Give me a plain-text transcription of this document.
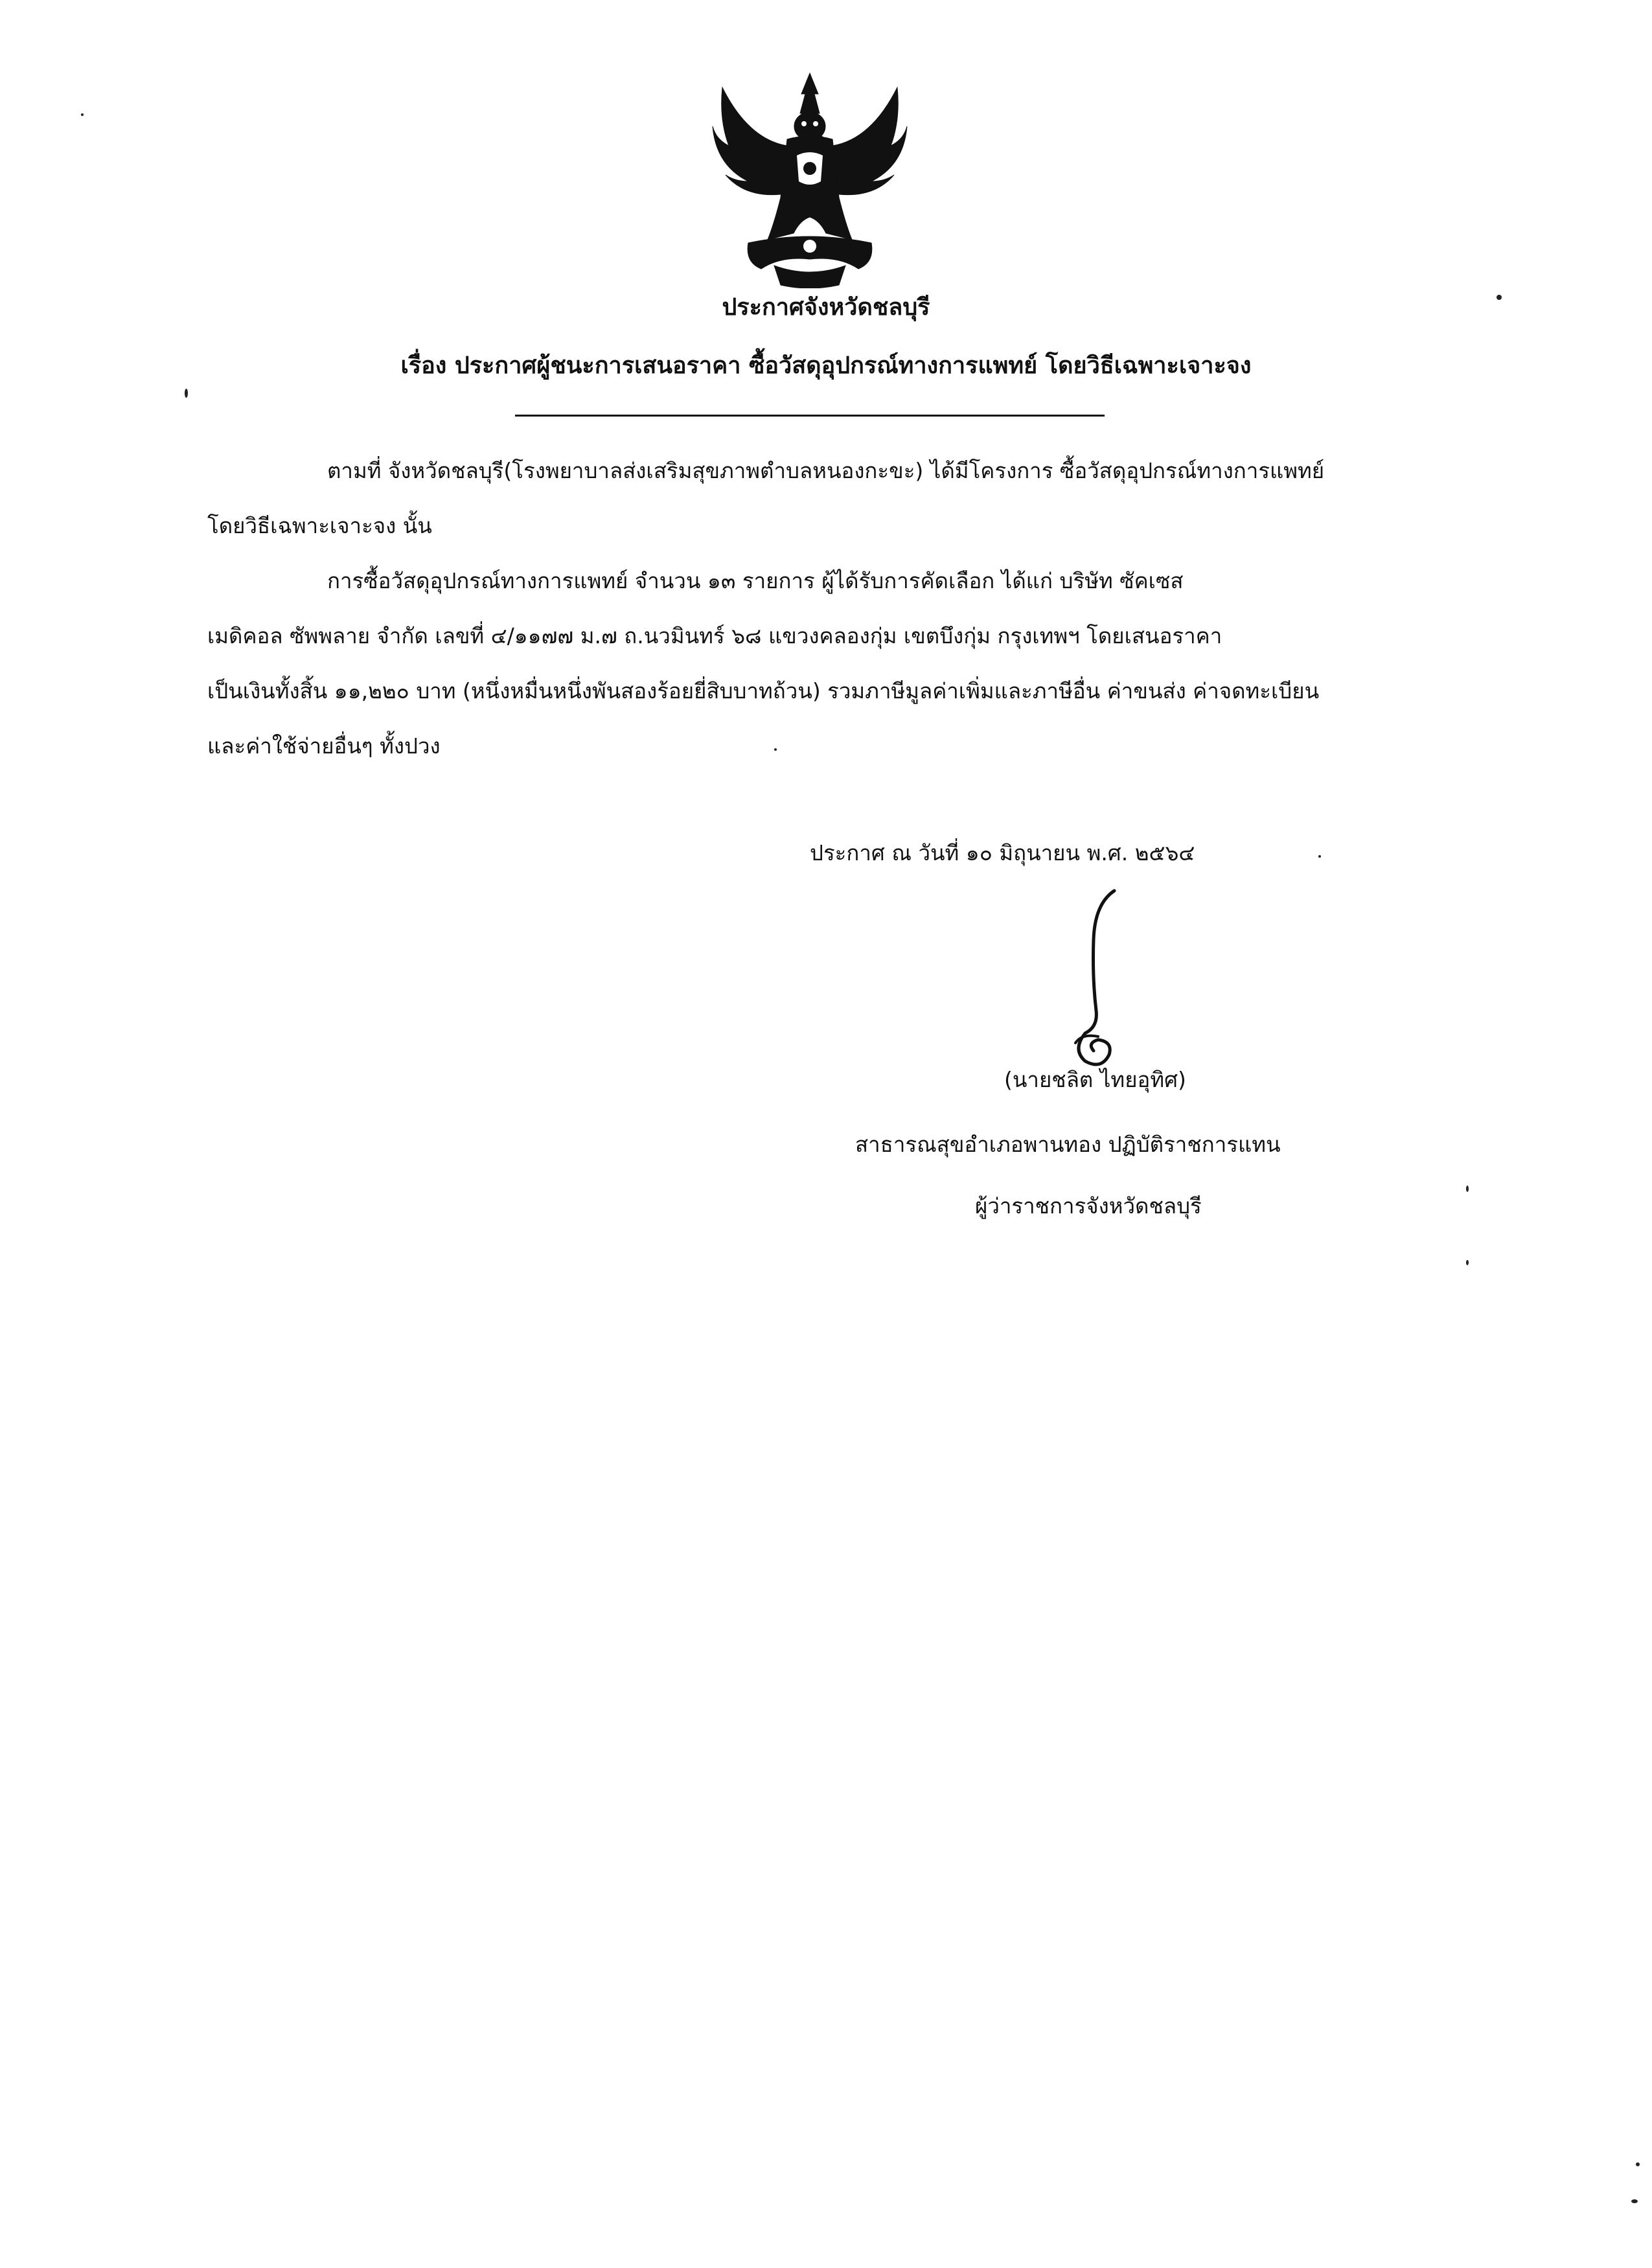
ประกาศจังหวัดชลบุรี
เรื่อง ประกาศผู้ชนะการเสนอราคา ซื้อวัสดุอุปกรณ์ทางการแพทย์ โดยวิธีเฉพาะเจาะจง
ตามที่ จังหวัดชลบุรี(โรงพยาบาลส่งเสริมสุขภาพตำบลหนองกะขะ) ได้มีโครงการ ซื้อวัสดุอุปกรณ์ทางการแพทย์
โดยวิธีเฉพาะเจาะจง นั้น
การซื้อวัสดุอุปกรณ์ทางการแพทย์ จำนวน ๑๓ รายการ ผู้ได้รับการคัดเลือก ได้แก่ บริษัท ซัคเซส
เมดิคอล ซัพพลาย จำกัด เลขที่ ๔/๑๑๗๗ ม.๗ ถ.นวมินทร์ ๖๘ แขวงคลองกุ่ม เขตบึงกุ่ม กรุงเทพฯ โดยเสนอราคา
เป็นเงินทั้งสิ้น ๑๑,๒๒๐ บาท (หนึ่งหมื่นหนึ่งพันสองร้อยยี่สิบบาทถ้วน) รวมภาษีมูลค่าเพิ่มและภาษีอื่น ค่าขนส่ง ค่าจดทะเบียน
และค่าใช้จ่ายอื่นๆ ทั้งปวง
ประกาศ ณ วันที่ ๑๐ มิถุนายน พ.ศ. ๒๕๖๔
(นายชลิต ไทยอุทิศ)
สาธารณสุขอำเภอพานทอง ปฏิบัติราชการแทน
ผู้ว่าราชการจังหวัดชลบุรี
